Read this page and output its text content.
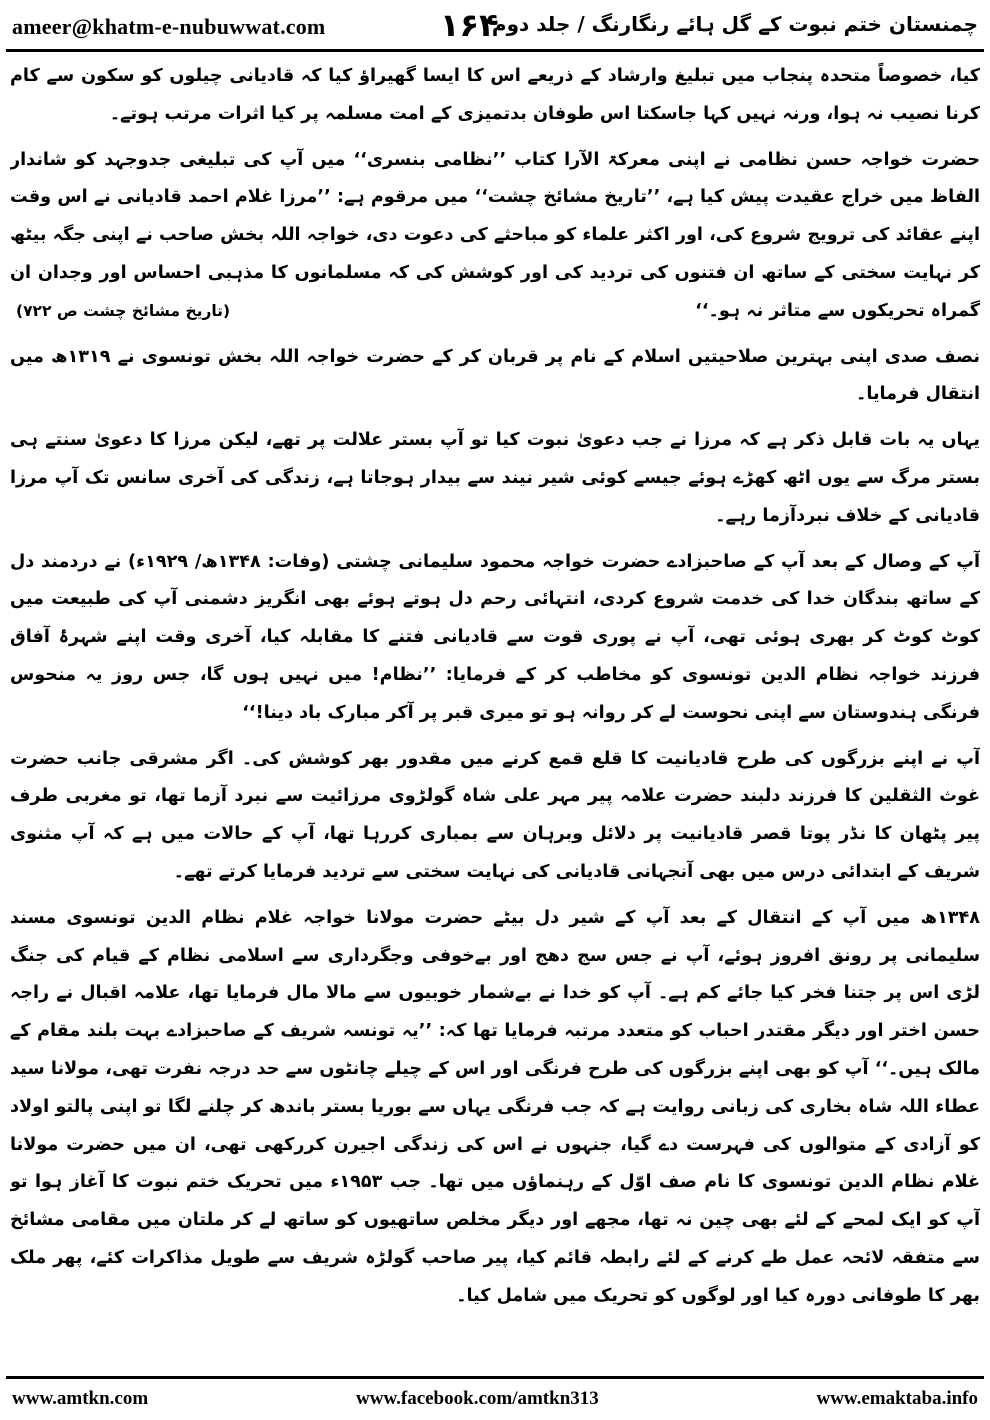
ameer@khatm-e-nubuwwat.com	۱۶۴
چمنستان ختم نبوت کے گل ہائے رنگارنگ / جلد دوم

کیا، خصوصاً متحدہ پنجاب میں تبلیغ وارشاد کے ذریعے اس کا ایسا گھیراؤ کیا کہ قادیانی چیلوں کو سکون سے کام کرنا نصیب نہ ہوا، ورنہ نہیں کہا جاسکتا اس طوفان بدتمیزی کے امت مسلمہ پر کیا اثرات مرتب ہوتے۔

حضرت خواجہ حسن نظامی نے اپنی معرکۃ الآرا کتاب ’’نظامی بنسری‘‘ میں آپ کی تبلیغی جدوجہد کو شاندار الفاظ میں خراج عقیدت پیش کیا ہے، ’’تاریخ مشائخ چشت‘‘ میں مرقوم ہے: ’’مرزا غلام احمد قادیانی نے اس وقت اپنے عقائد کی ترویج شروع کی، اور اکثر علماء کو مباحثے کی دعوت دی، خواجہ اللہ بخش صاحب نے اپنی جگہ بیٹھ کر نہایت سختی کے ساتھ ان فتنوں کی تردید کی اور کوشش کی کہ مسلمانوں کا مذہبی احساس اور وجدان ان گمراہ تحریکوں سے متاثر نہ ہو۔‘‘
(تاریخ مشائخ چشت ص ۷۲۲)

نصف صدی اپنی بہترین صلاحیتیں اسلام کے نام پر قربان کر کے حضرت خواجہ اللہ بخش تونسوی نے ۱۳۱۹ھ میں انتقال فرمایا۔

یہاں یہ بات قابل ذکر ہے کہ مرزا نے جب دعویٰ نبوت کیا تو آپ بستر علالت پر تھے، لیکن مرزا کا دعویٰ سنتے ہی بستر مرگ سے یوں اٹھ کھڑے ہوئے جیسے کوئی شیر نیند سے بیدار ہوجاتا ہے، زندگی کی آخری سانس تک آپ مرزا قادیانی کے خلاف نبردآزما رہے۔

آپ کے وصال کے بعد آپ کے صاحبزادے حضرت خواجہ محمود سلیمانی چشتی (وفات: ۱۳۴۸ھ/ ۱۹۲۹ء) نے دردمند دل کے ساتھ بندگان خدا کی خدمت شروع کردی، انتہائی رحم دل ہوتے ہوئے بھی انگریز دشمنی آپ کی طبیعت میں کوٹ کوٹ کر بھری ہوئی تھی، آپ نے پوری قوت سے قادیانی فتنے کا مقابلہ کیا، آخری وقت اپنے شہرۂ آفاق فرزند خواجہ نظام الدین تونسوی کو مخاطب کر کے فرمایا: ’’نظام! میں نہیں ہوں گا، جس روز یہ منحوس فرنگی ہندوستان سے اپنی نحوست لے کر روانہ ہو تو میری قبر پر آکر مبارک باد دینا!‘‘

آپ نے اپنے بزرگوں کی طرح قادیانیت کا قلع قمع کرنے میں مقدور بھر کوشش کی۔ اگر مشرقی جانب حضرت غوث الثقلین کا فرزند دلبند حضرت علامہ پیر مہر علی شاہ گولڑوی مرزائیت سے نبرد آزما تھا، تو مغربی طرف پیر پٹھان کا نڈر پوتا قصر قادیانیت پر دلائل وبرہان سے بمباری کررہا تھا، آپ کے حالات میں ہے کہ آپ مثنوی شریف کے ابتدائی درس میں بھی آنجہانی قادیانی کی نہایت سختی سے تردید فرمایا کرتے تھے۔

۱۳۴۸ھ میں آپ کے انتقال کے بعد آپ کے شیر دل بیٹے حضرت مولانا خواجہ غلام نظام الدین تونسوی مسند سلیمانی پر رونق افروز ہوئے، آپ نے جس سج دھج اور بےخوفی وجگرداری سے اسلامی نظام کے قیام کی جنگ لڑی اس پر جتنا فخر کیا جائے کم ہے۔ آپ کو خدا نے بےشمار خوبیوں سے مالا مال فرمایا تھا، علامہ اقبال نے راجہ حسن اختر اور دیگر مقتدر احباب کو متعدد مرتبہ فرمایا تھا کہ: ’’یہ تونسہ شریف کے صاحبزادے بہت بلند مقام کے مالک ہیں۔‘‘ آپ کو بھی اپنے بزرگوں کی طرح فرنگی اور اس کے چیلے چانٹوں سے حد درجہ نفرت تھی، مولانا سید عطاء اللہ شاہ بخاری کی زبانی روایت ہے کہ جب فرنگی یہاں سے بوریا بستر باندھ کر چلنے لگا تو اپنی پالتو اولاد کو آزادی کے متوالوں کی فہرست دے گیا، جنہوں نے اس کی زندگی اجیرن کررکھی تھی، ان میں حضرت مولانا غلام نظام الدین تونسوی کا نام صف اوّل کے رہنماؤں میں تھا۔ جب ۱۹۵۳ء میں تحریک ختم نبوت کا آغاز ہوا تو آپ کو ایک لمحے کے لئے بھی چین نہ تھا، مجھے اور دیگر مخلص ساتھیوں کو ساتھ لے کر ملتان میں مقامی مشائخ سے متفقہ لائحہ عمل طے کرنے کے لئے رابطہ قائم کیا، پیر صاحب گولڑہ شریف سے طویل مذاکرات کئے، پھر ملک بھر کا طوفانی دورہ کیا اور لوگوں کو تحریک میں شامل کیا۔

www.amtkn.com	www.facebook.com/amtkn313	www.emaktaba.info
